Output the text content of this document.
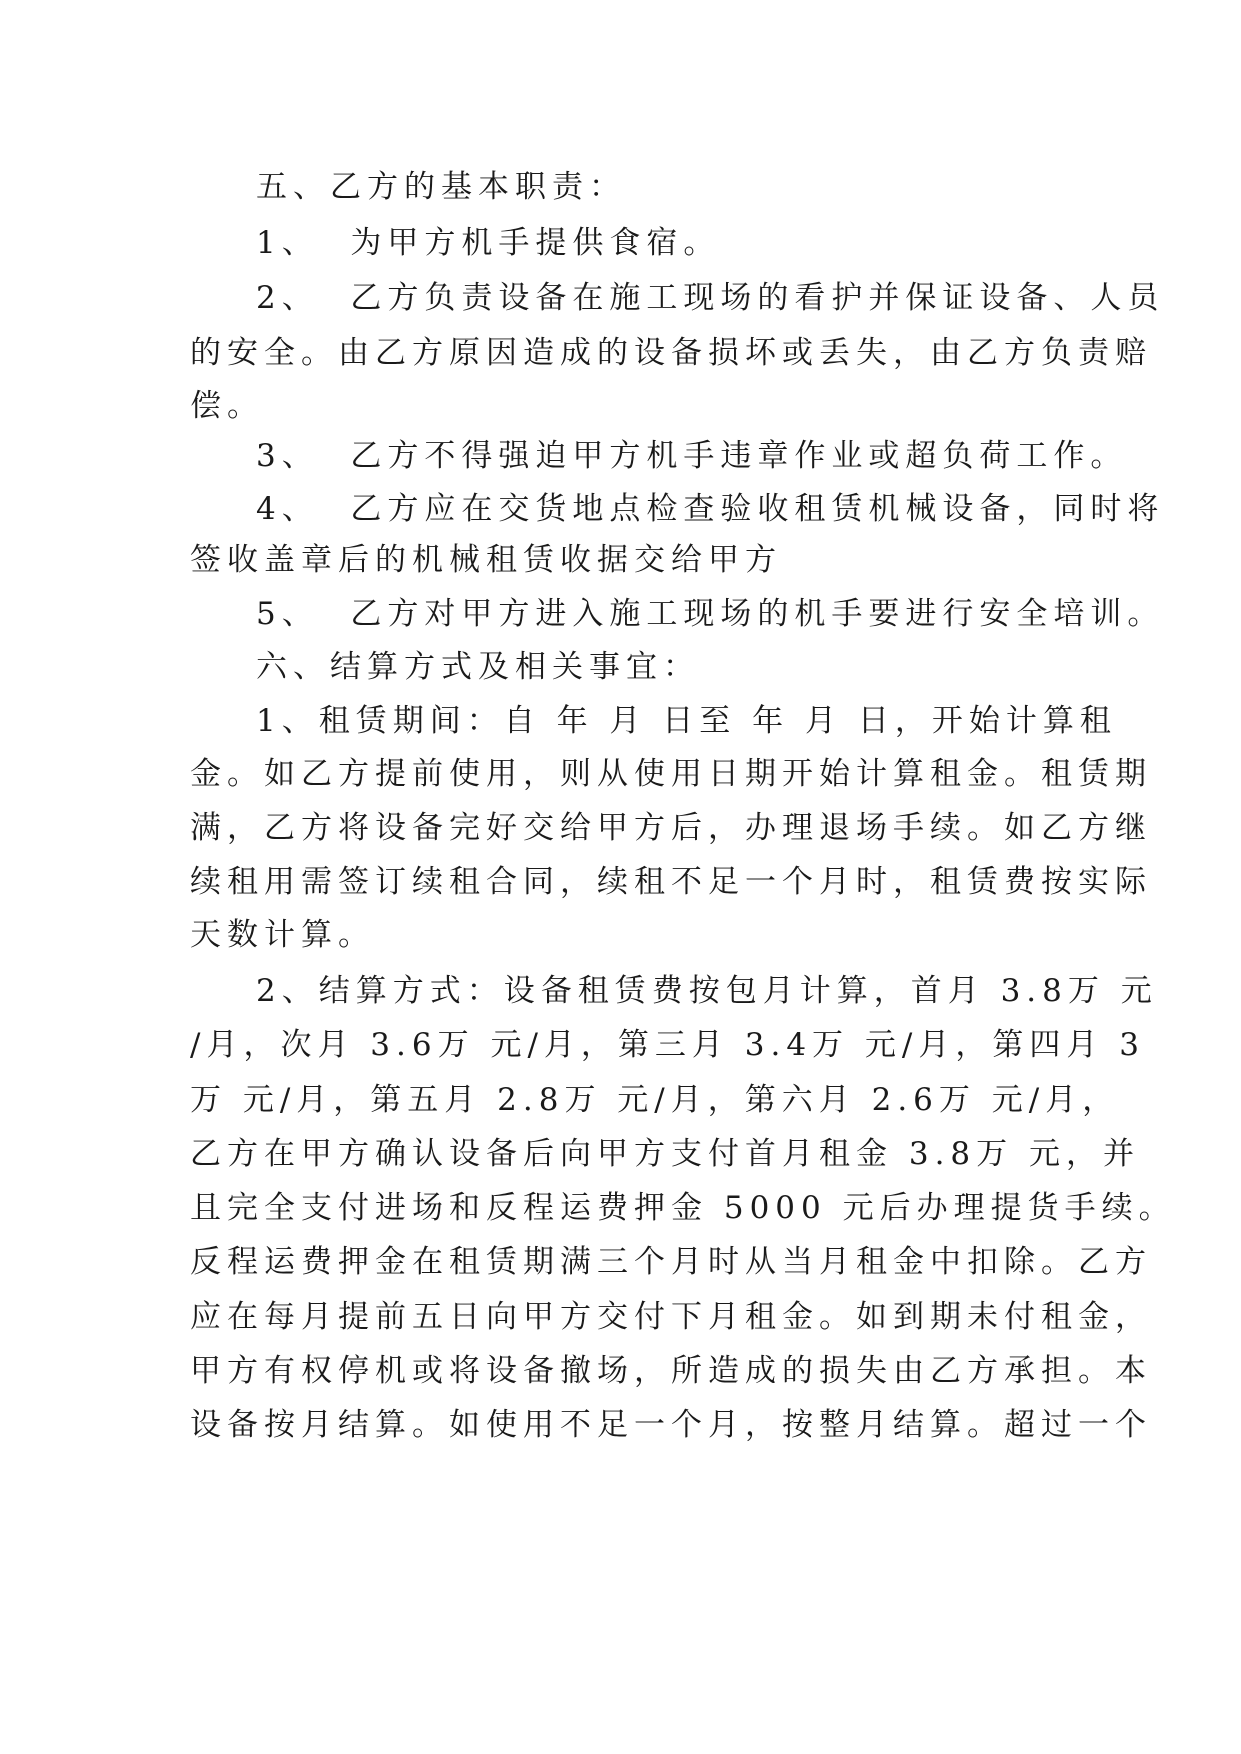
五、乙方的基本职责：
1、  为甲方机手提供食宿。
2、  乙方负责设备在施工现场的看护并保证设备、人员
的安全。由乙方原因造成的设备损坏或丢失，由乙方负责赔
偿。
3、  乙方不得强迫甲方机手违章作业或超负荷工作。
4、  乙方应在交货地点检查验收租赁机械设备，同时将
签收盖章后的机械租赁收据交给甲方
5、  乙方对甲方进入施工现场的机手要进行安全培训。
六、结算方式及相关事宜：
1、租赁期间：自 年 月 日至 年 月 日，开始计算租
金。如乙方提前使用，则从使用日期开始计算租金。租赁期
满，乙方将设备完好交给甲方后，办理退场手续。如乙方继
续租用需签订续租合同，续租不足一个月时，租赁费按实际
天数计算。
2、结算方式：设备租赁费按包月计算，首月 3.8万 元
/月，次月 3.6万 元/月，第三月 3.4万 元/月，第四月 3
万 元/月，第五月 2.8万 元/月，第六月 2.6万 元/月，
乙方在甲方确认设备后向甲方支付首月租金 3.8万 元，并
且完全支付进场和反程运费押金 5000 元后办理提货手续。
反程运费押金在租赁期满三个月时从当月租金中扣除。乙方
应在每月提前五日向甲方交付下月租金。如到期未付租金，
甲方有权停机或将设备撤场，所造成的损失由乙方承担。本
设备按月结算。如使用不足一个月，按整月结算。超过一个
